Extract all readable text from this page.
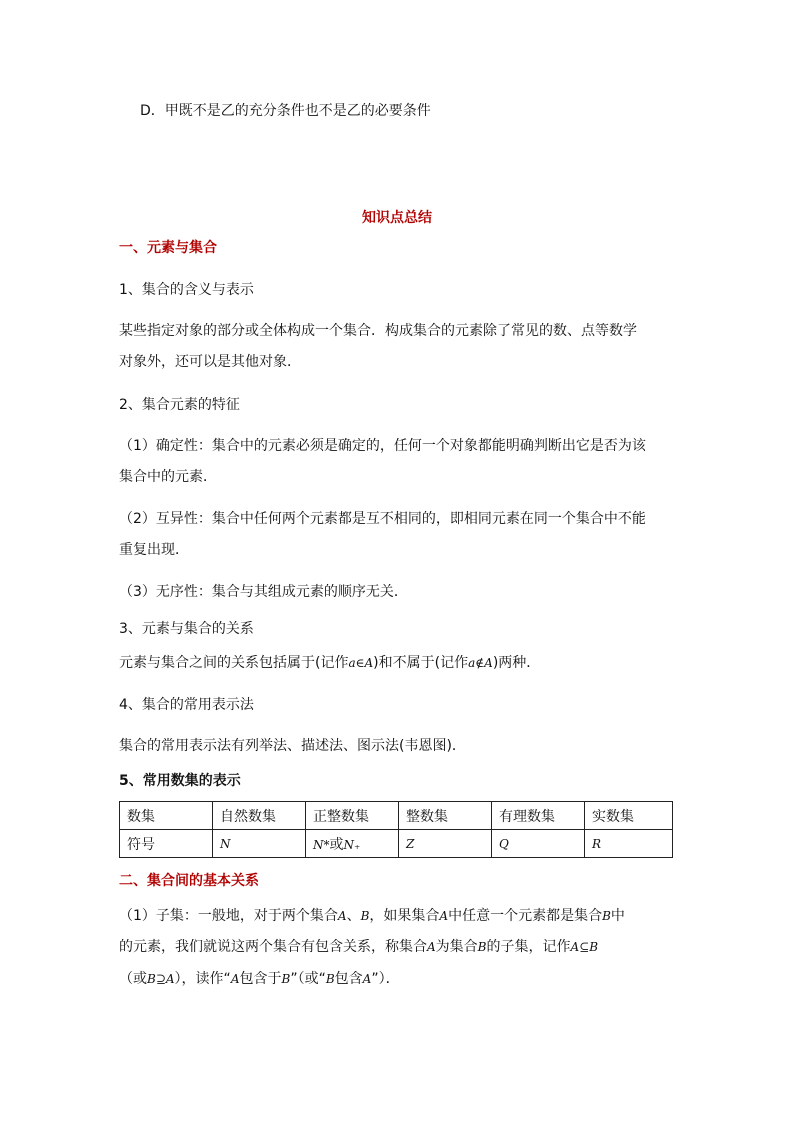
D．甲既不是乙的充分条件也不是乙的必要条件
知识点总结
一、元素与集合
1、集合的含义与表示
某些指定对象的部分或全体构成一个集合．构成集合的元素除了常见的数、点等数学
对象外，还可以是其他对象．
2、集合元素的特征
（1）确定性：集合中的元素必须是确定的，任何一个对象都能明确判断出它是否为该
集合中的元素．
（2）互异性：集合中任何两个元素都是互不相同的，即相同元素在同一个集合中不能
重复出现．
（3）无序性：集合与其组成元素的顺序无关．
3、元素与集合的关系
元素与集合之间的关系包括属于(记作a∈A)和不属于(记作a∉A)两种．
4、集合的常用表示法
集合的常用表示法有列举法、描述法、图示法(韦恩图)．
5、常用数集的表示
数集	自然数集	正整数集	整数集	有理数集	实数集
符号	N	N*或N₊	Z	Q	R
二、集合间的基本关系
（1）子集：一般地，对于两个集合A、B，如果集合A中任意一个元素都是集合B中
的元素，我们就说这两个集合有包含关系，称集合A为集合B的子集，记作A⊆B
（或B⊇A），读作“A包含于B”（或“B包含A”）．
